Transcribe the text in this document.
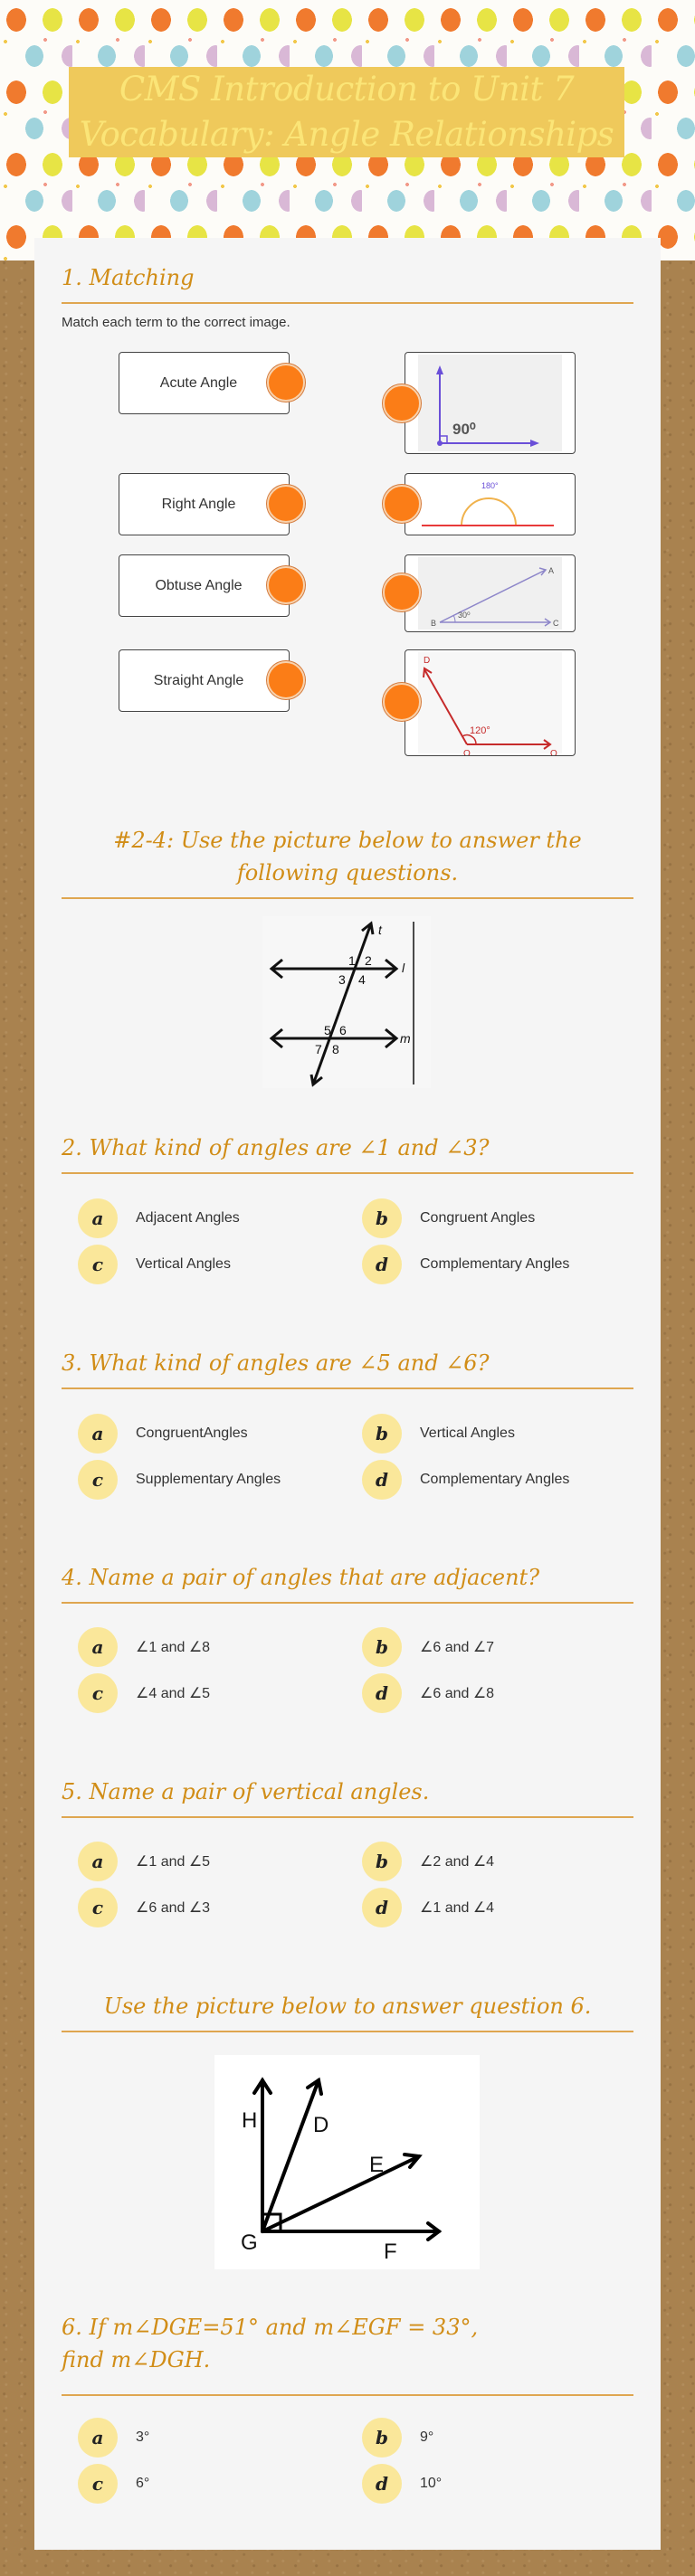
CMS Introduction to Unit 7
Vocabulary: Angle Relationships
1. Matching
Match each term to the correct image.
Acute Angle
Right Angle
Obtuse Angle
Straight Angle
90⁰
180°
30⁰
A
B	C
120°
D
O	Q
#2-4: Use the picture below to answer the following questions.
1 2
3 4
5 6
7 8
t
l
m
2. What kind of angles are ∠1 and ∠3?
a	Adjacent Angles	b	Congruent Angles
c	Vertical Angles	d	Complementary Angles
3. What kind of angles are ∠5 and ∠6?
a	CongruentAngles	b	Vertical Angles
c	Supplementary Angles	d	Complementary Angles
4. Name a pair of angles that are adjacent?
a	∠1 and ∠8	b	∠6 and ∠7
c	∠4 and ∠5	d	∠6 and ∠8
5. Name a pair of vertical angles.
a	∠1 and ∠5	b	∠2 and ∠4
c	∠6 and ∠3	d	∠1 and ∠4
Use the picture below to answer question 6.
H	D
E
G	F
6. If m∠DGE=51° and m∠EGF = 33°, find m∠DGH.
a	3°	b	9°
c	6°	d	10°
